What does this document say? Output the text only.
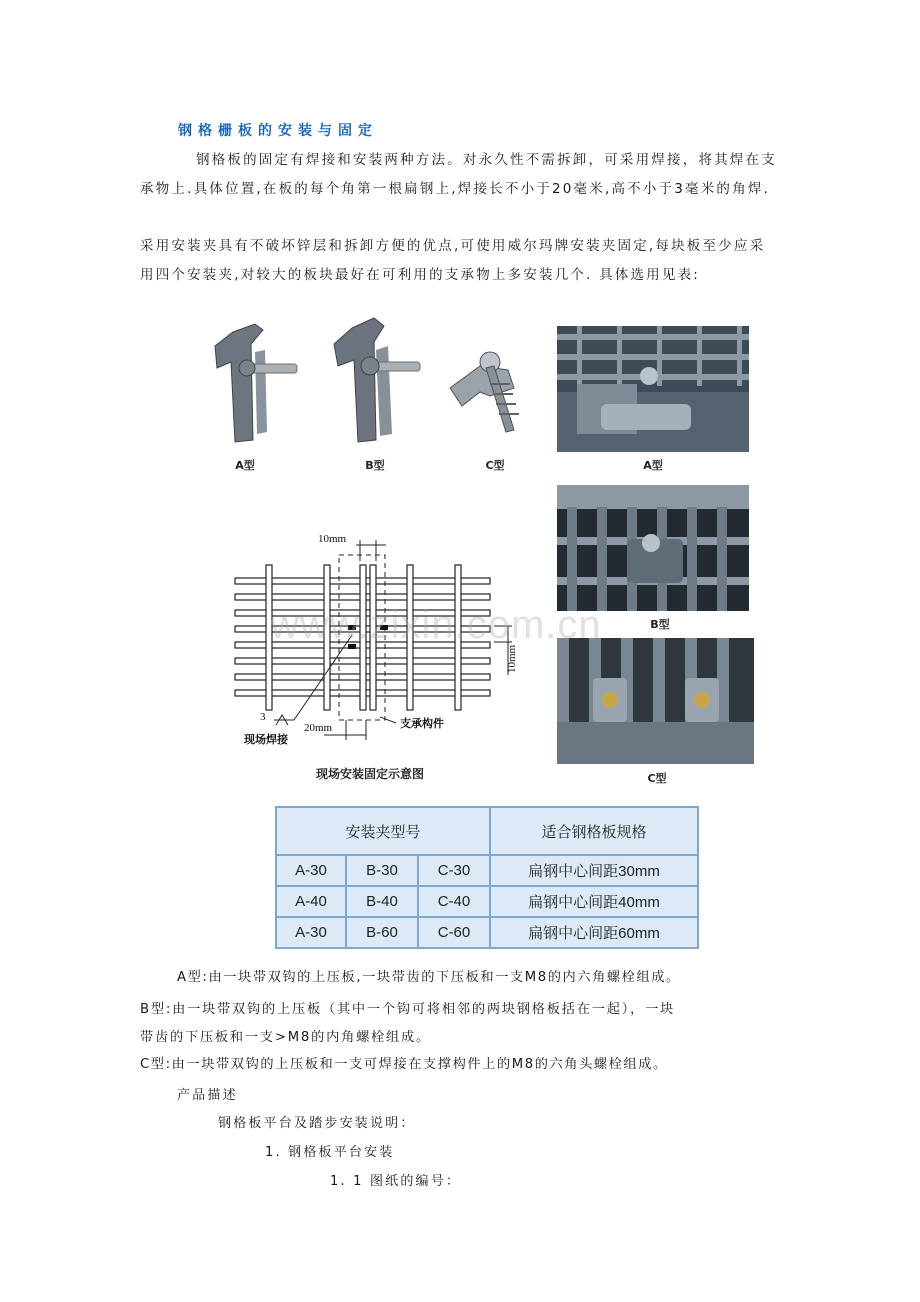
钢格栅板的安装与固定

钢格板的固定有焊接和安装两种方法。对永久性不需拆卸，可采用焊接，将其焊在支承物上.具体位置,在板的每个角第一根扁钢上,焊接长不小于20毫米,高不小于3毫米的角焊.

采用安装夹具有不破坏锌层和拆卸方便的优点,可使用威尔玛牌安装夹固定,每块板至少应采用四个安装夹,对较大的板块最好在可利用的支承物上多安装几个. 具体选用见表:

A型	B型	C型	A型
B型
C型
10mm
10mm
20mm
3
现场焊接
支承构件
现场安装固定示意图
www.zixin.com.cn
安装夹型号			适合钢格板规格
A-30	B-30	C-30	扁钢中心间距30mm
A-40	B-40	C-40	扁钢中心间距40mm
A-30	B-60	C-60	扁钢中心间距60mm
A型:由一块带双钩的上压板,一块带齿的下压板和一支M8的内六角螺栓组成。
B型:由一块带双钩的上压板（其中一个钩可将相邻的两块钢格板括在一起），一块
带齿的下压板和一支>M8的内角螺栓组成。
C型:由一块带双钩的上压板和一支可焊接在支撑构件上的M8的六角头螺栓组成。
产品描述
钢格板平台及踏步安装说明：
1. 钢格板平台安装
1. 1 图纸的编号：
